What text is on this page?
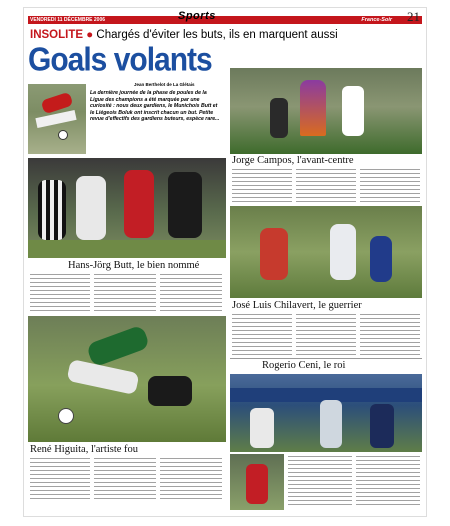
VENDREDI 11 DÉCEMBRE 2006	Sports	France-Soir 21
INSOLITE ● Chargés d'éviter les buts, ils en marquent aussi
Goals volants
Jean Berthelot de La Glétais
La dernière journée de la phase de poules de la Ligue des champions a été marquée par une curiosité : nous deux gardiens, le Munichois Butt et le Liégeois Boluk ont inscrit chacun un but. Petite revue d'effectifs des gardiens buteurs, espèce rare...
Jorge Campos, l'avant-centre
Hans-Jörg Butt, le bien nommé
José Luis Chilavert, le guerrier
Rogerio Ceni, le roi
René Higuita, l'artiste fou
